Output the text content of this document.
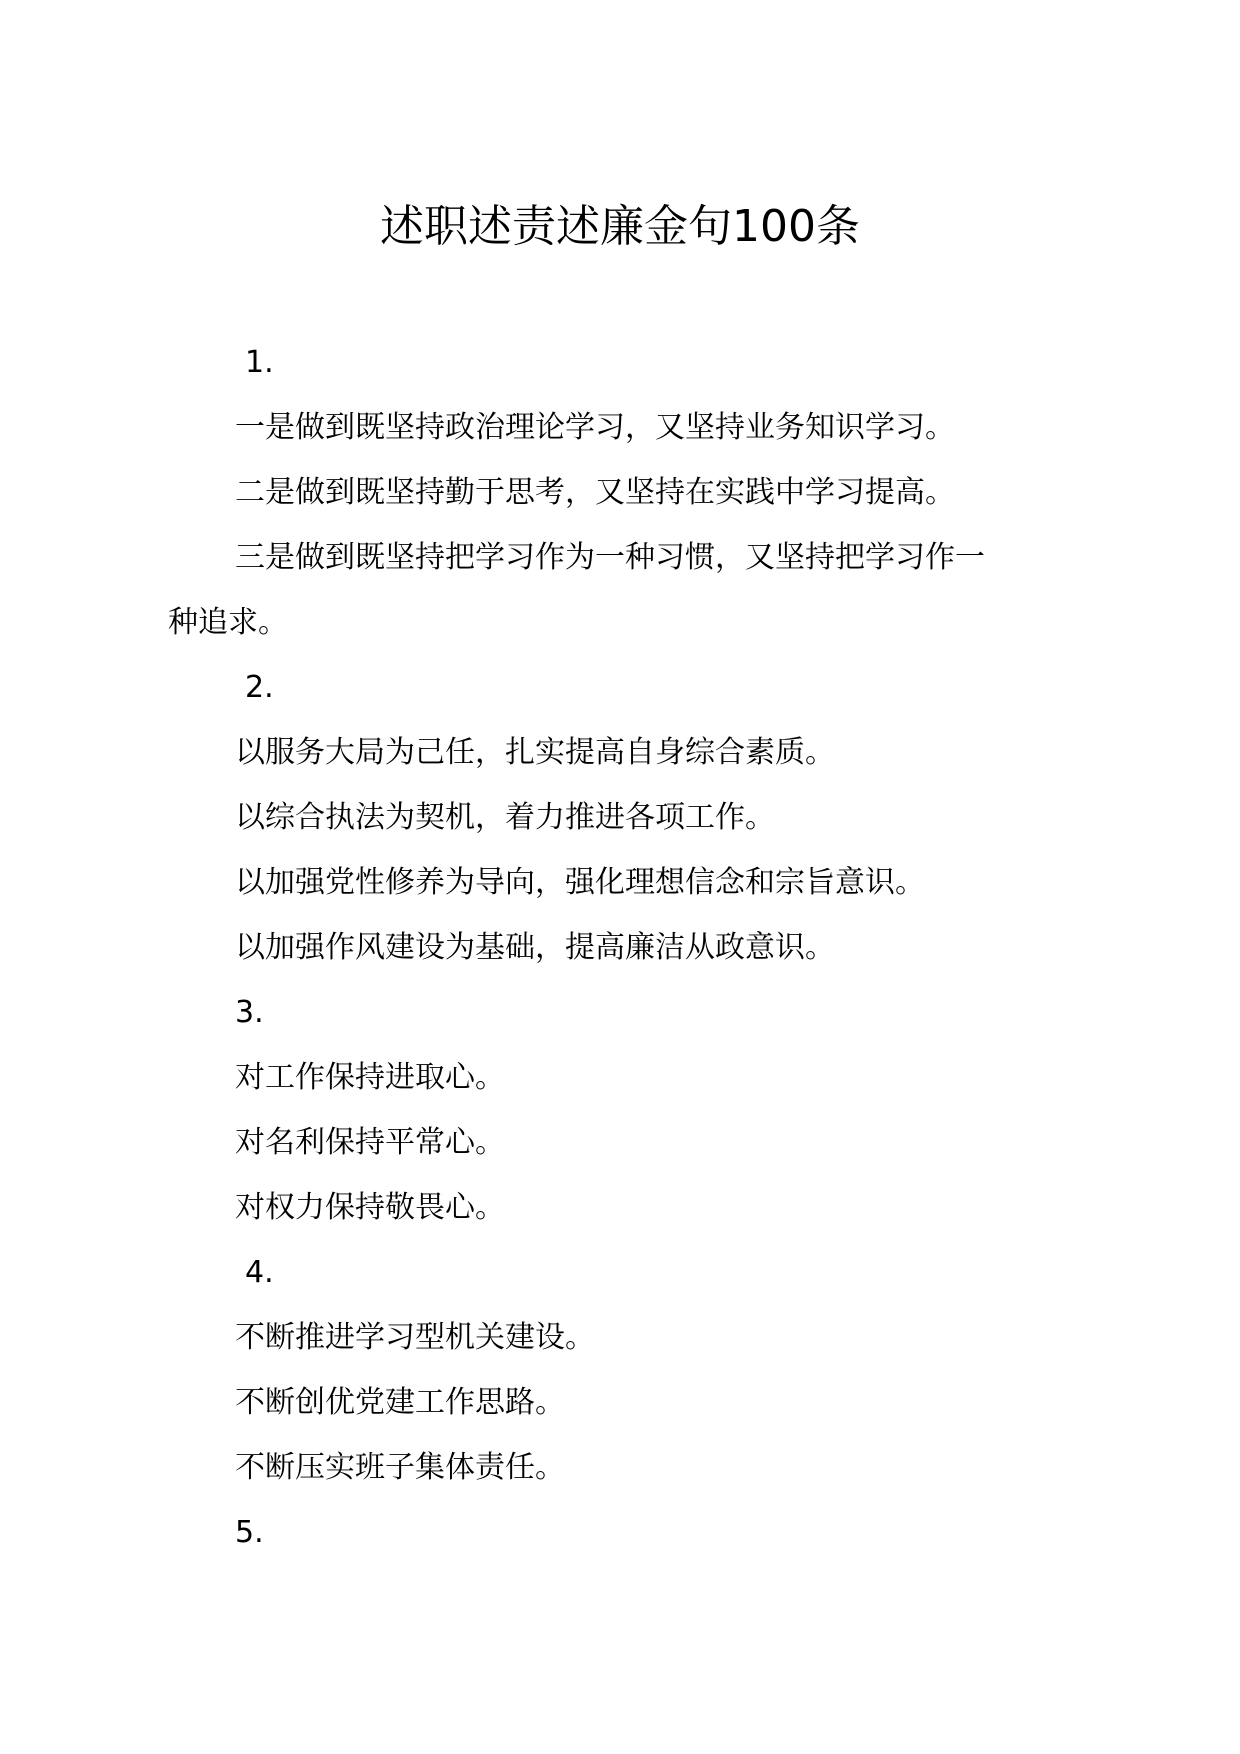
述职述责述廉金句100条
1.
一是做到既坚持政治理论学习，又坚持业务知识学习。
二是做到既坚持勤于思考，又坚持在实践中学习提高。
三是做到既坚持把学习作为一种习惯，又坚持把学习作一
种追求。
2.
以服务大局为己任，扎实提高自身综合素质。
以综合执法为契机，着力推进各项工作。
以加强党性修养为导向，强化理想信念和宗旨意识。
以加强作风建设为基础，提高廉洁从政意识。
3.
对工作保持进取心。
对名利保持平常心。
对权力保持敬畏心。
4.
不断推进学习型机关建设。
不断创优党建工作思路。
不断压实班子集体责任。
5.
